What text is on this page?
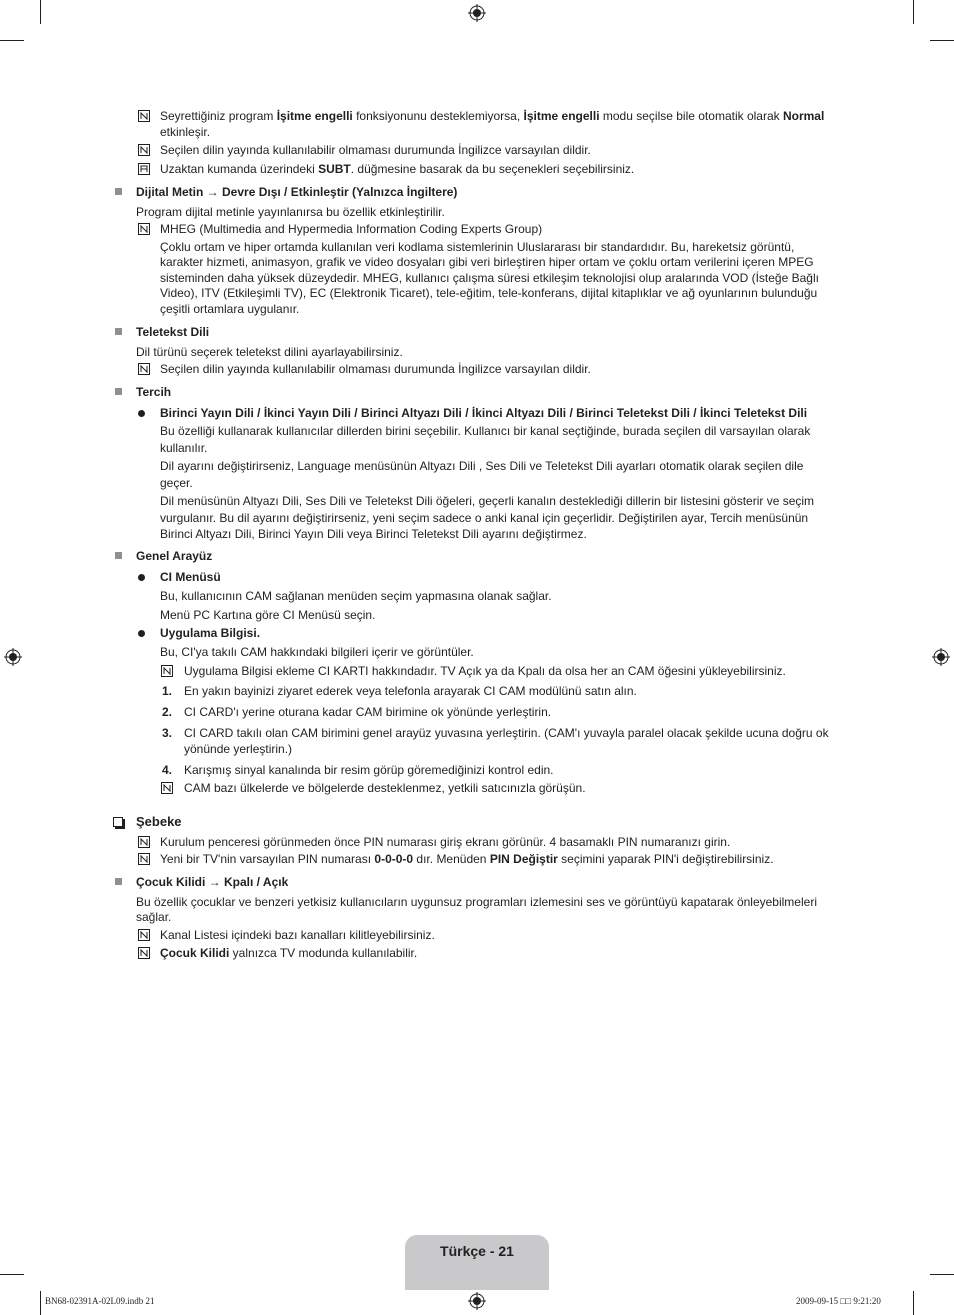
Seyrettiğiniz program İşitme engelli fonksiyonunu desteklemiyorsa, İşitme engelli modu seçilse bile otomatik olarak Normal
etkinleşir.
Seçilen dilin yayında kullanılabilir olmaması durumunda İngilizce varsayılan dildir.
Uzaktan kumanda üzerindeki SUBT. düğmesine basarak da bu seçenekleri seçebilirsiniz.
Dijital Metin → Devre Dışı / Etkinleştir (Yalnızca İngiltere)
Program dijital metinle yayınlanırsa bu özellik etkinleştirilir.
MHEG (Multimedia and Hypermedia Information Coding Experts Group)
Çoklu ortam ve hiper ortamda kullanılan veri kodlama sistemlerinin Uluslararası bir standardıdır. Bu, hareketsiz görüntü,
karakter hizmeti, animasyon, grafik ve video dosyaları gibi veri birleştiren hiper ortam ve çoklu ortam verilerini içeren MPEG
sisteminden daha yüksek düzeydedir. MHEG, kullanıcı çalışma süresi etkileşim teknolojisi olup aralarında VOD (İsteğe Bağlı
Video), ITV (Etkileşimli TV), EC (Elektronik Ticaret), tele-eğitim, tele-konferans, dijital kitaplıklar ve ağ oyunlarının bulunduğu
çeşitli ortamlara uygulanır.
Teletekst Dili
Dil türünü seçerek teletekst dilini ayarlayabilirsiniz.
Seçilen dilin yayında kullanılabilir olmaması durumunda İngilizce varsayılan dildir.
Tercih
Birinci Yayın Dili / İkinci Yayın Dili / Birinci Altyazı Dili / İkinci Altyazı Dili / Birinci Teletekst Dili / İkinci Teletekst Dili
Bu özelliği kullanarak kullanıcılar dillerden birini seçebilir. Kullanıcı bir kanal seçtiğinde, burada seçilen dil varsayılan olarak
kullanılır.
Dil ayarını değiştirirseniz, Language menüsünün Altyazı Dili , Ses Dili ve Teletekst Dili ayarları otomatik olarak seçilen dile
geçer.
Dil menüsünün Altyazı Dili, Ses Dili ve Teletekst Dili öğeleri, geçerli kanalın desteklediği dillerin bir listesini gösterir ve seçim
vurgulanır. Bu dil ayarını değiştirirseniz, yeni seçim sadece o anki kanal için geçerlidir. Değiştirilen ayar, Tercih menüsünün
Birinci Altyazı Dili, Birinci Yayın Dili veya Birinci Teletekst Dili ayarını değiştirmez.
Genel Arayüz
CI Menüsü
Bu, kullanıcının CAM sağlanan menüden seçim yapmasına olanak sağlar.
Menü PC Kartına göre CI Menüsü seçin.
Uygulama Bilgisi.
Bu, CI'ya takılı CAM hakkındaki bilgileri içerir ve görüntüler.
Uygulama Bilgisi ekleme CI KARTI hakkındadır. TV Açık ya da Kpalı da olsa her an CAM öğesini yükleyebilirsiniz.
1. En yakın bayinizi ziyaret ederek veya telefonla arayarak CI CAM modülünü satın alın.
2. CI CARD'ı yerine oturana kadar CAM birimine ok yönünde yerleştirin.
3. CI CARD takılı olan CAM birimini genel arayüz yuvasına yerleştirin. (CAM'ı yuvayla paralel olacak şekilde ucuna doğru ok
yönünde yerleştirin.)
4. Karışmış sinyal kanalında bir resim görüp göremediğinizi kontrol edin.
CAM bazı ülkelerde ve bölgelerde desteklenmez, yetkili satıcınızla görüşün.
Şebeke
Kurulum penceresi görünmeden önce PIN numarası giriş ekranı görünür. 4 basamaklı PIN numaranızı girin.
Yeni bir TV'nin varsayılan PIN numarası 0-0-0-0 dır. Menüden PIN Değiştir seçimini yaparak PIN'i değiştirebilirsiniz.
Çocuk Kilidi → Kpalı / Açık
Bu özellik çocuklar ve benzeri yetkisiz kullanıcıların uygunsuz programları izlemesini ses ve görüntüyü kapatarak önleyebilmeleri
sağlar.
Kanal Listesi içindeki bazı kanalları kilitleyebilirsiniz.
Çocuk Kilidi yalnızca TV modunda kullanılabilir.
Türkçe - 21
BN68-02391A-02L09.indb 21	2009-09-15 □□ 9:21:20
